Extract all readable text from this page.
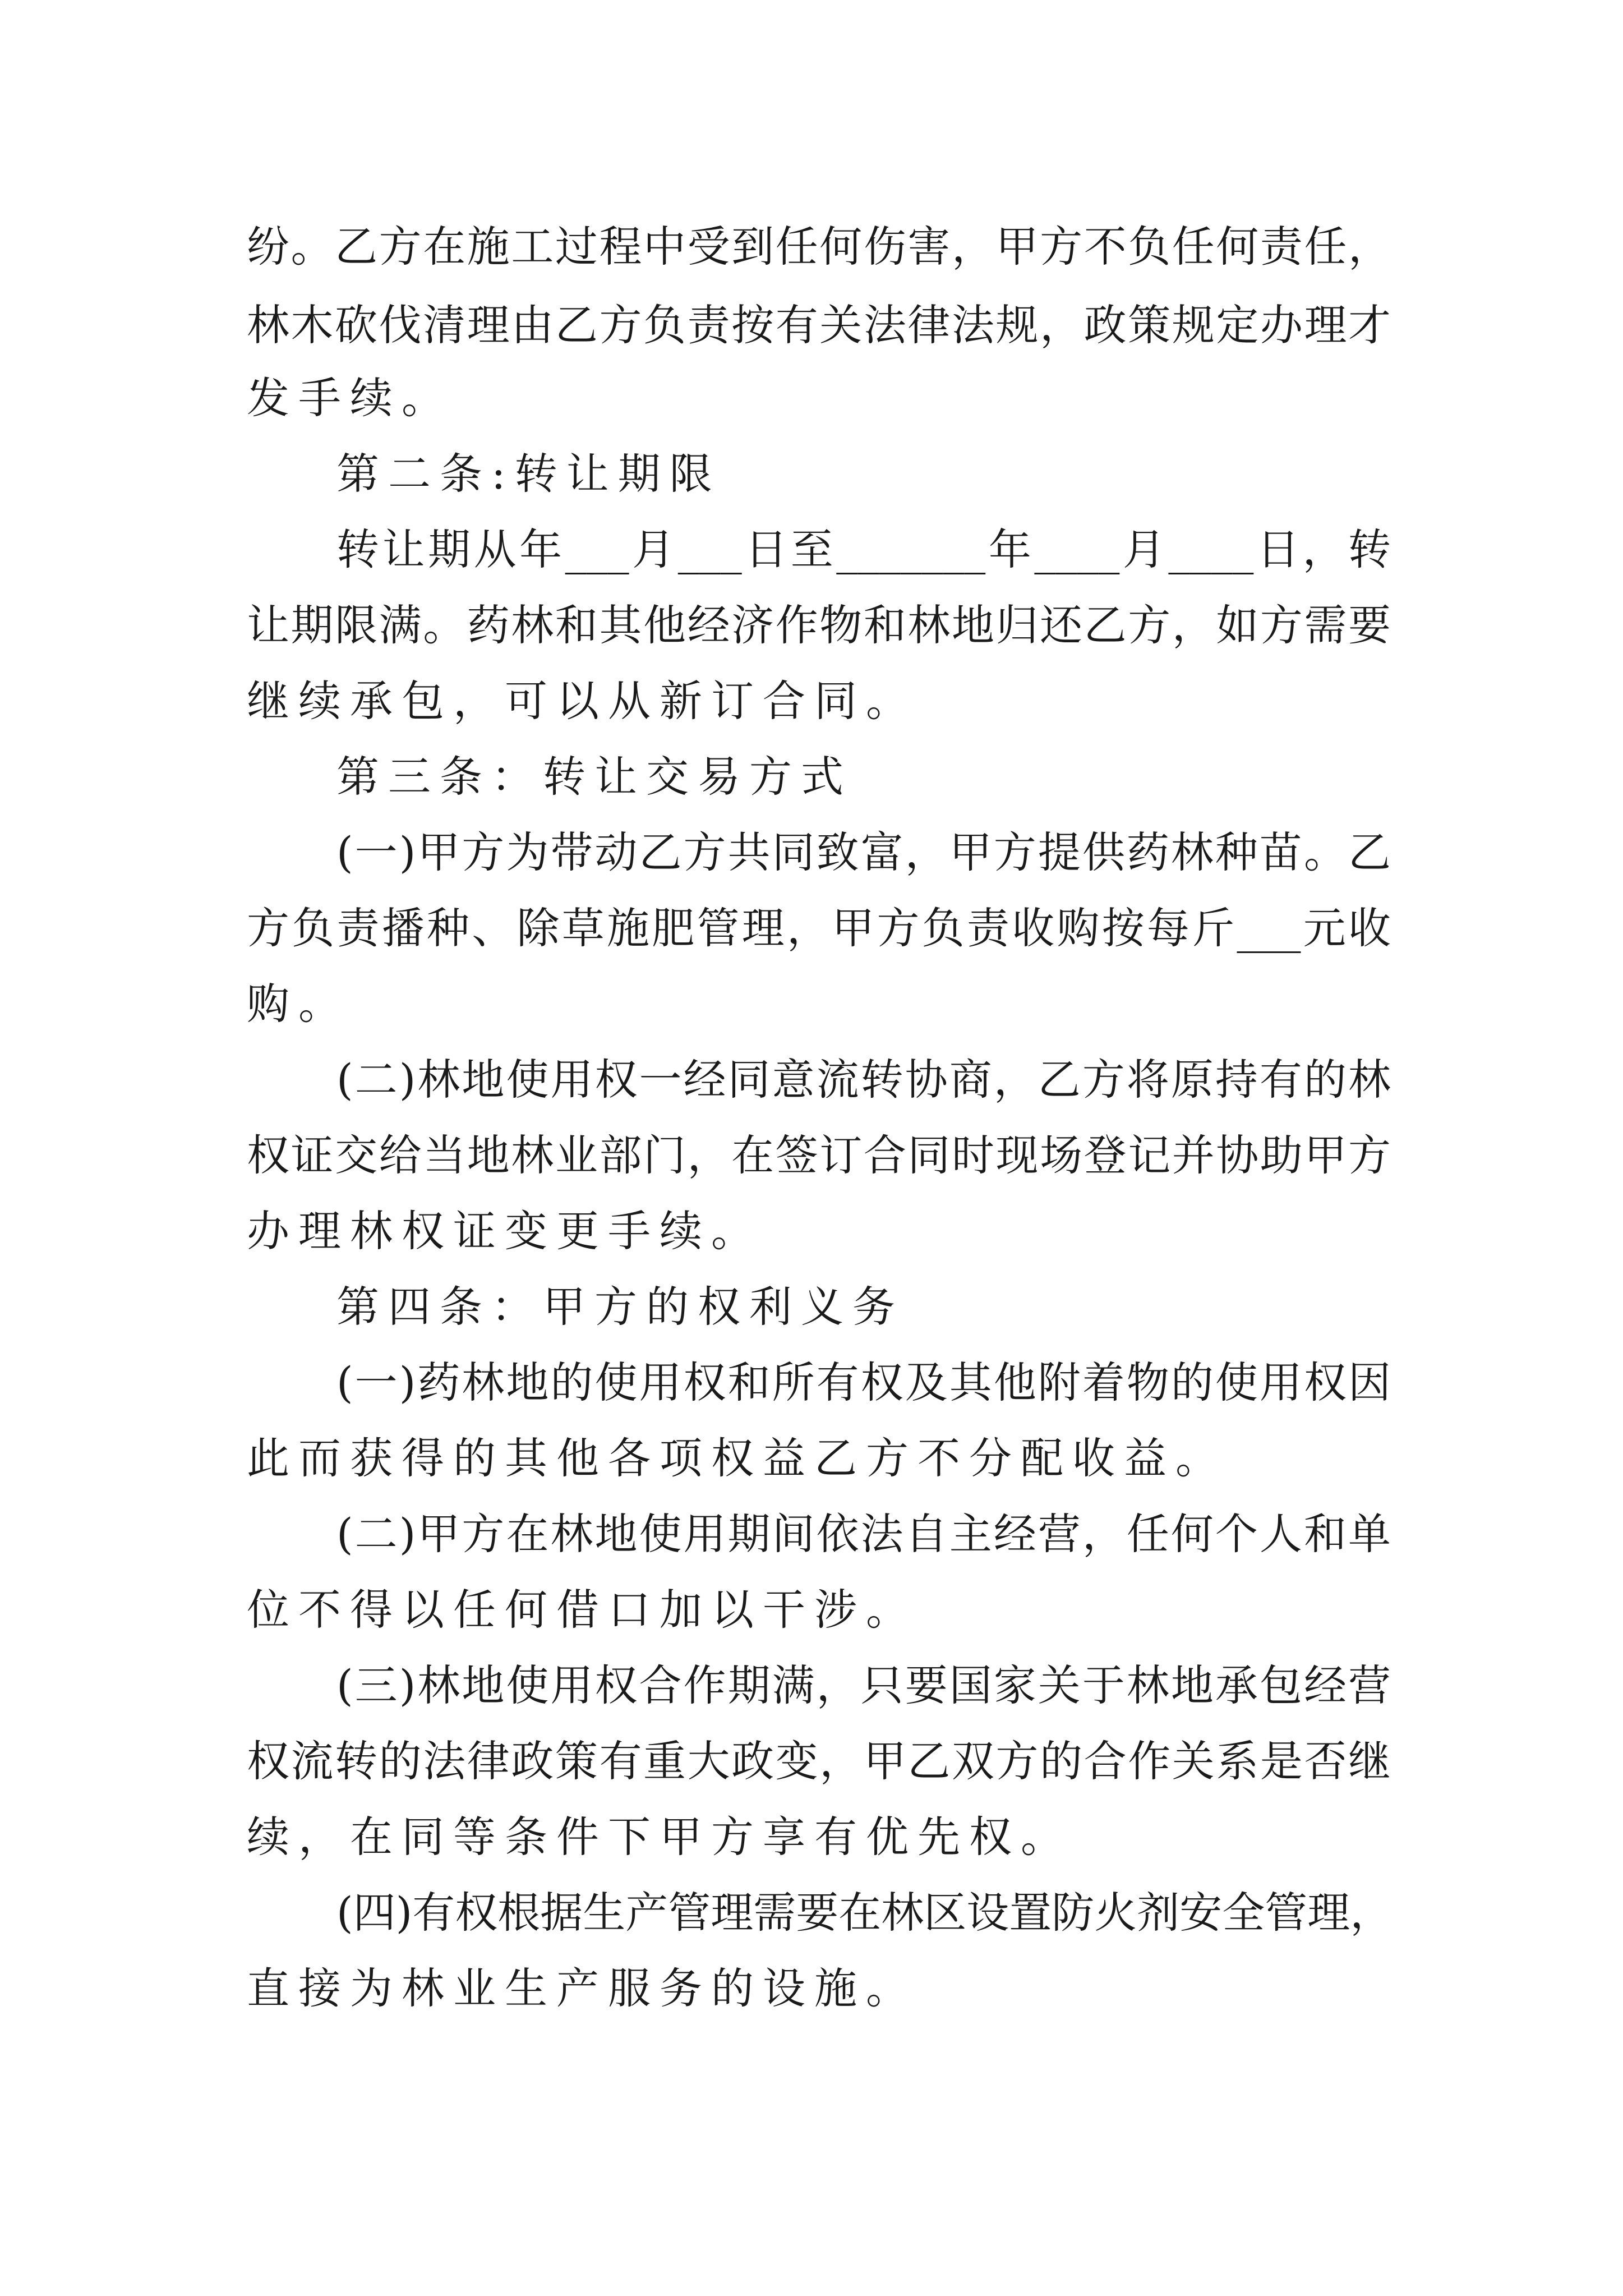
纷。乙方在施工过程中受到任何伤害，甲方不负任何责任，
林木砍伐清理由乙方负责按有关法律法规，政策规定办理才
发手续。
第二条:转让期限
转让期从年___月___日至_______年____月____日，转
让期限满。药林和其他经济作物和林地归还乙方，如方需要
继续承包，可以从新订合同。
第三条：转让交易方式
(一)甲方为带动乙方共同致富，甲方提供药林种苗。乙
方负责播种、除草施肥管理，甲方负责收购按每斤___元收
购。
(二)林地使用权一经同意流转协商，乙方将原持有的林
权证交给当地林业部门，在签订合同时现场登记并协助甲方
办理林权证变更手续。
第四条：甲方的权利义务
(一)药林地的使用权和所有权及其他附着物的使用权因
此而获得的其他各项权益乙方不分配收益。
(二)甲方在林地使用期间依法自主经营，任何个人和单
位不得以任何借口加以干涉。
(三)林地使用权合作期满，只要国家关于林地承包经营
权流转的法律政策有重大政变，甲乙双方的合作关系是否继
续，在同等条件下甲方享有优先权。
(四)有权根据生产管理需要在林区设置防火剂安全管理，
直接为林业生产服务的设施。
